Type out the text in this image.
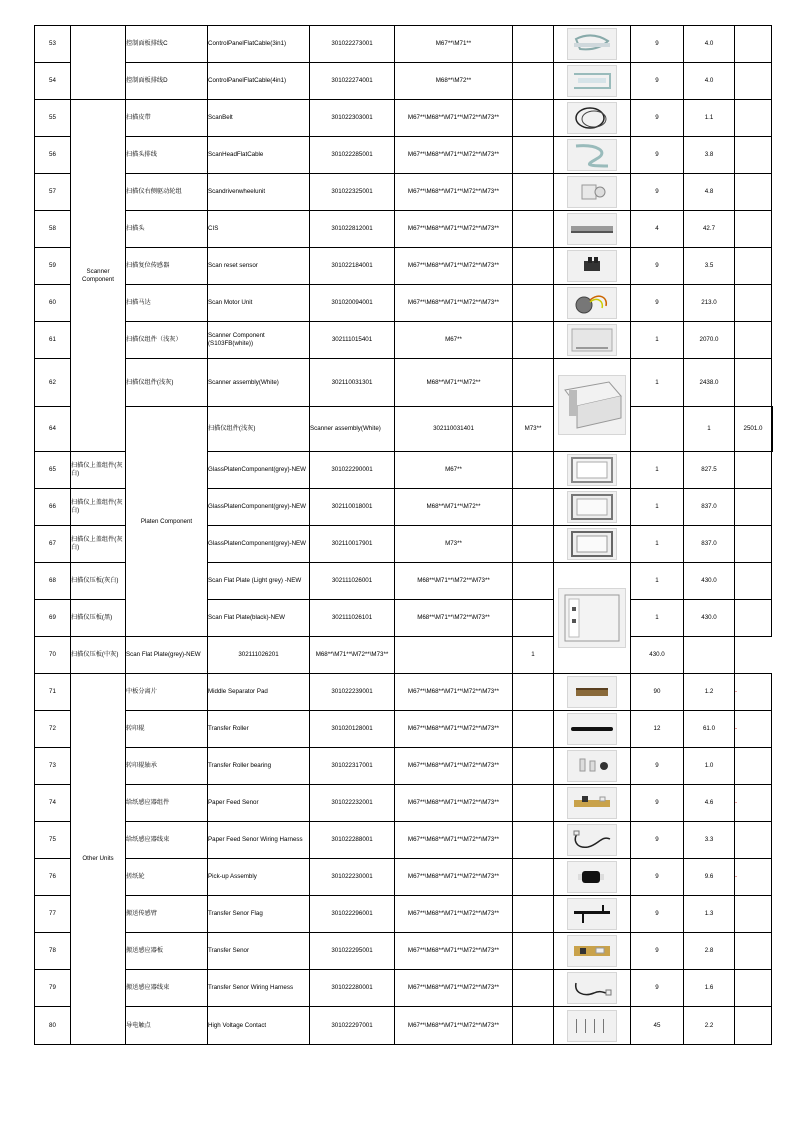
53		控制面板排线C	ControlPanelFlatCable(3in1)	301022273001	M67**\M71**			9	4.0		
54		控制面板排线D	ControlPanelFlatCable(4in1)	301022274001	M68**\M72**			9	4.0		
55	Scanner Component	扫描皮带	ScanBelt	301022303001	M67**\M68**\M71**\M72**\M73**			9	1.1		
56		扫描头排线	ScanHeadFlatCable	301022285001	M67**\M68**\M71**\M72**\M73**			9	3.8		
57		扫描仪右侧驱动轮组	Scandrivenwheelunit	301022325001	M67**\M68**\M71**\M72**\M73**			9	4.8		
58		扫描头	CIS	301022812001	M67**\M68**\M71**\M72**\M73**			4	42.7		
59		扫描复位传感器	Scan reset sensor	301022184001	M67**\M68**\M71**\M72**\M73**			9	3.5		
60		扫描马达	Scan Motor Unit	301020094001	M67**\M68**\M71**\M72**\M73**			9	213.0		
61		扫描仪组件（浅灰）	Scanner Component (S103FB(white))	302111015401	M67**			1	2070.0		
62		扫描仪组件(浅灰)	Scanner assembly(White)	302110031301	M68**\M71**\M72**			1	2438.0		
64		Platen Component	扫描仪组件(浅灰)	Scanner assembly(White)	302110031401	M73**			1	2501.0	
65	扫描仪上盖组件(灰白)		GlassPlatenComponent(grey)-NEW	301022290001	M67**			1	827.5		
66	扫描仪上盖组件(灰白)		GlassPlatenComponent(grey)-NEW	302110018001	M68**\M71**\M72**			1	837.0		
67	扫描仪上盖组件(灰白)		GlassPlatenComponent(grey)-NEW	302110017901	M73**			1	837.0		
68	扫描仪压板(灰白)		Scan Flat Plate (Light grey) -NEW	302111026001	M68**\M71**\M72**\M73**			1	430.0		
69	扫描仪压板(黑)		Scan Flat Plate(black)-NEW	302111026101	M68**\M71**\M72**\M73**			1	430.0		
70	扫描仪压板(中灰)	Scan Flat Plate(grey)-NEW	302111026201	M68**\M71**\M72**\M73**		1		430.0			
71	Other Units	中板分离片	Middle Separator Pad	301022239001	M67**\M68**\M71**\M72**\M73**			90	1.2	-	
72		转印辊	Transfer Roller	301020128001	M67**\M68**\M71**\M72**\M73**			12	61.0	-	
73		转印辊轴承	Transfer Roller bearing	301022317001	M67**\M68**\M71**\M72**\M73**			9	1.0		
74		给纸感应器组件	Paper Feed Senor	301022232001	M67**\M68**\M71**\M72**\M73**			9	4.6	-	
75		给纸感应器线束	Paper Feed Senor Wiring Harness	301022288001	M67**\M68**\M71**\M72**\M73**			9	3.3		
76		搓纸轮	Pick-up Assembly	301022230001	M67**\M68**\M71**\M72**\M73**			9	9.6	-	
77		搬送传感臂	Transfer Senor Flag	301022296001	M67**\M68**\M71**\M72**\M73**			9	1.3		
78		搬送感应器板	Transfer Senor	301022295001	M67**\M68**\M71**\M72**\M73**			9	2.8		
79		搬送感应器线束	Transfer Senor Wiring Harness	301022280001	M67**\M68**\M71**\M72**\M73**			9	1.6		
80		导电触点	High Voltage Contact	301022297001	M67**\M68**\M71**\M72**\M73**			45	2.2		
